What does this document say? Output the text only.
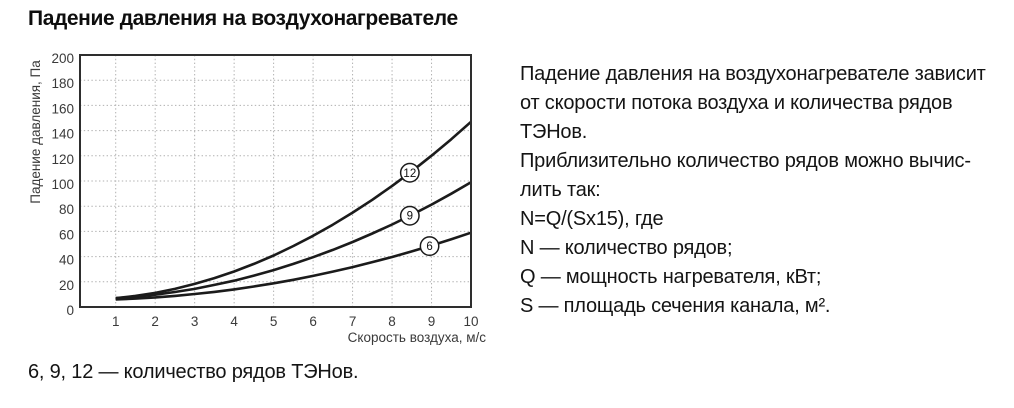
Падение давления на воздухонагревателе
12
9
6
1 2 3 4 5 6 7 8 9 10
0
20
40
60
80
100
120
140
160
180
200
Скорость воздуха, м/с
Падение давления, Па	Падение давления на воздухонагревателе зависит
от скорости потока воздуха и количества рядов
ТЭНов.
Приблизительно количество рядов можно вычис-
лить так:
N=Q/(Sx15), где
N — количество рядов;
Q — мощность нагревателя, кВт;
S — площадь сечения канала, м².
6, 9, 12 — количество рядов ТЭНов.
